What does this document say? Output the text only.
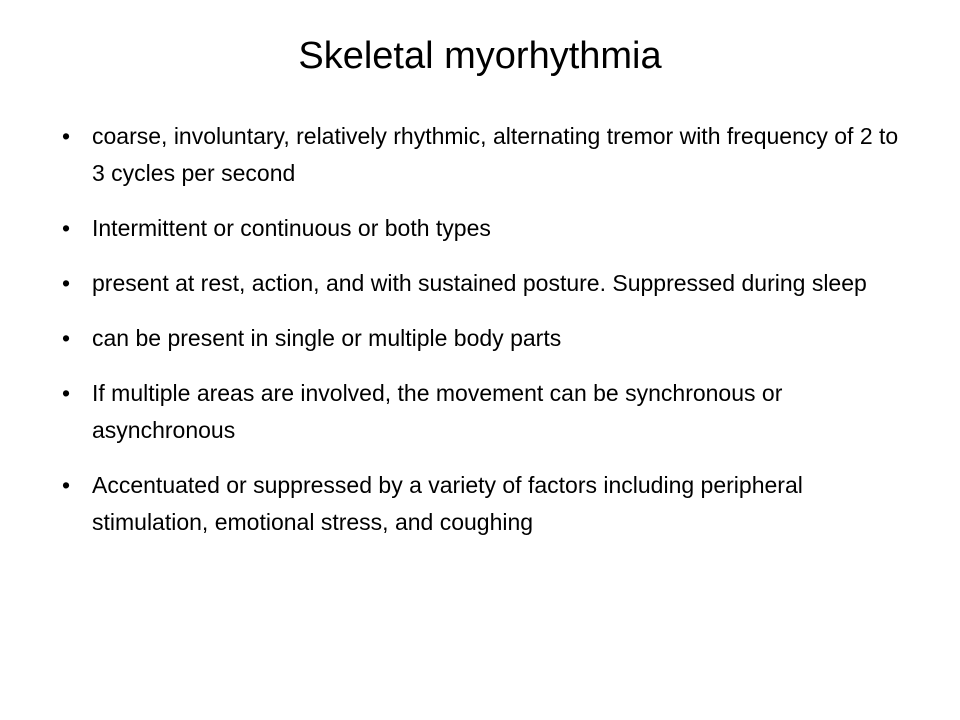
Skeletal myorhythmia
• coarse, involuntary, relatively rhythmic, alternating tremor with frequency of 2 to 3 cycles per second
• Intermittent or continuous or both types
• present at rest, action, and with sustained posture. Suppressed during sleep
• can be present in single or multiple body parts
• If multiple areas are involved, the movement can be synchronous or asynchronous
• Accentuated or suppressed by a variety of factors including peripheral stimulation, emotional stress, and coughing
